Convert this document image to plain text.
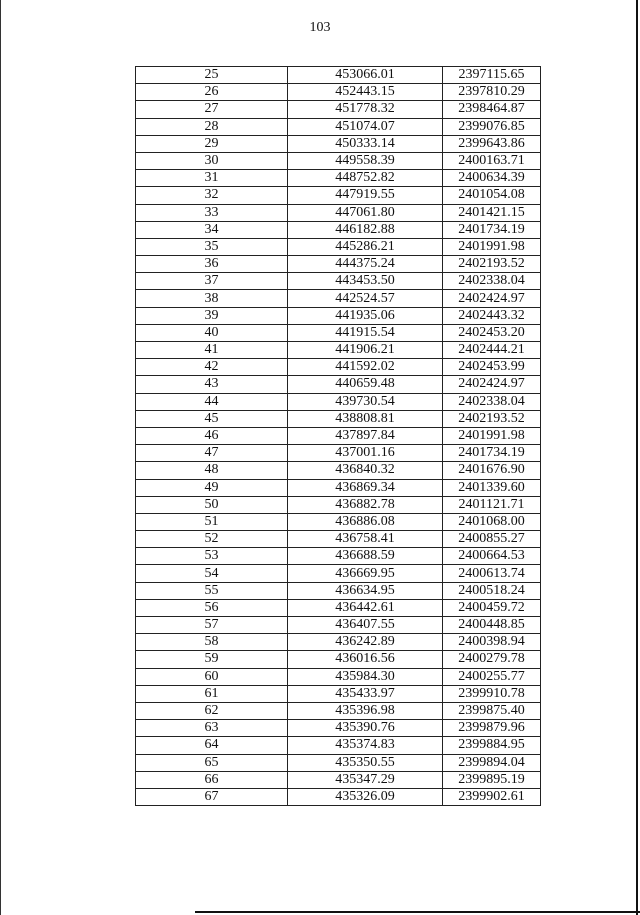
103
25	453066.01	2397115.65
26	452443.15	2397810.29
27	451778.32	2398464.87
28	451074.07	2399076.85
29	450333.14	2399643.86
30	449558.39	2400163.71
31	448752.82	2400634.39
32	447919.55	2401054.08
33	447061.80	2401421.15
34	446182.88	2401734.19
35	445286.21	2401991.98
36	444375.24	2402193.52
37	443453.50	2402338.04
38	442524.57	2402424.97
39	441935.06	2402443.32
40	441915.54	2402453.20
41	441906.21	2402444.21
42	441592.02	2402453.99
43	440659.48	2402424.97
44	439730.54	2402338.04
45	438808.81	2402193.52
46	437897.84	2401991.98
47	437001.16	2401734.19
48	436840.32	2401676.90
49	436869.34	2401339.60
50	436882.78	2401121.71
51	436886.08	2401068.00
52	436758.41	2400855.27
53	436688.59	2400664.53
54	436669.95	2400613.74
55	436634.95	2400518.24
56	436442.61	2400459.72
57	436407.55	2400448.85
58	436242.89	2400398.94
59	436016.56	2400279.78
60	435984.30	2400255.77
61	435433.97	2399910.78
62	435396.98	2399875.40
63	435390.76	2399879.96
64	435374.83	2399884.95
65	435350.55	2399894.04
66	435347.29	2399895.19
67	435326.09	2399902.61
